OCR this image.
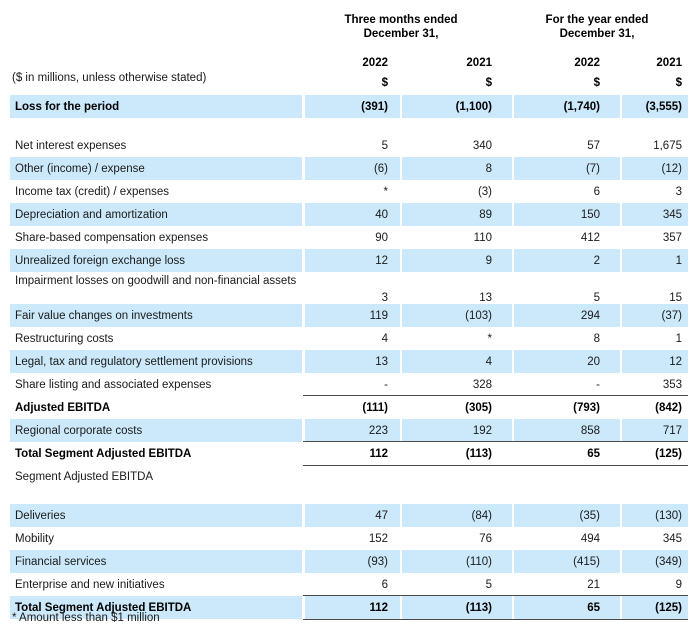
Three months ended
December 31,
For the year ended
December 31,
2022	2021	2022	2021
$	$	$	$
($ in millions, unless otherwise stated)
Loss for the period	(391)	(1,100)	(1,740)	(3,555)
Net interest expenses	5	340	57	1,675
Other (income) / expense	(6)	8	(7)	(12)
Income tax (credit) / expenses	*	(3)	6	3
Depreciation and amortization	40	89	150	345
Share-based compensation expenses	90	110	412	357
Unrealized foreign exchange loss	12	9	2	1
Impairment losses on goodwill and non-financial assets
3	13	5	15
Fair value changes on investments	119	(103)	294	(37)
Restructuring costs	4	*	8	1
Legal, tax and regulatory settlement provisions	13	4	20	12
Share listing and associated expenses	-	328	-	353
Adjusted EBITDA	(111)	(305)	(793)	(842)
Regional corporate costs	223	192	858	717
Total Segment Adjusted EBITDA	112	(113)	65	(125)
Segment Adjusted EBITDA
Deliveries	47	(84)	(35)	(130)
Mobility	152	76	494	345
Financial services	(93)	(110)	(415)	(349)
Enterprise and new initiatives	6	5	21	9
Total Segment Adjusted EBITDA	112	(113)	65	(125)
* Amount less than $1 million
